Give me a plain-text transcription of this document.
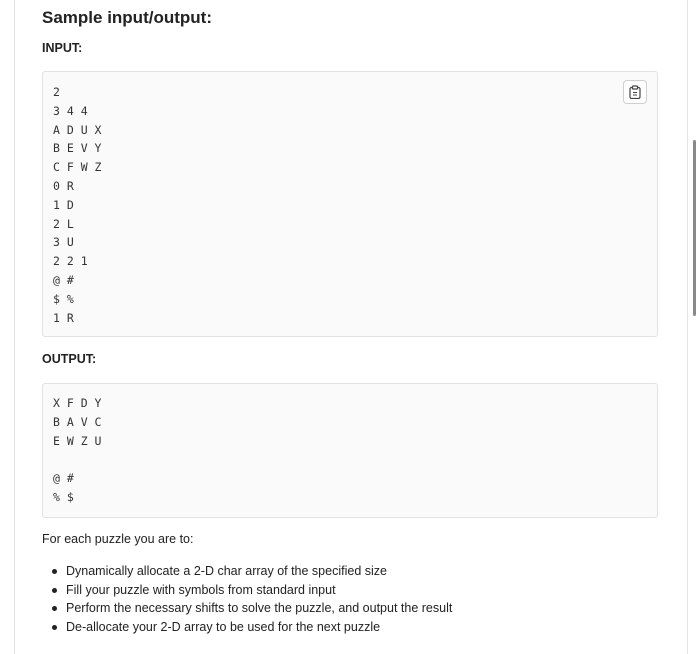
Sample input/output:
INPUT:
2
3 4 4
A D U X
B E V Y
C F W Z
0 R
1 D
2 L
3 U
2 2 1
@ #
$ %
1 R
OUTPUT:
X F D Y
B A V C
E W Z U

@ #
% $

For each puzzle you are to:

Dynamically allocate a 2-D char array of the specified size
Fill your puzzle with symbols from standard input
Perform the necessary shifts to solve the puzzle, and output the result
De-allocate your 2-D array to be used for the next puzzle
